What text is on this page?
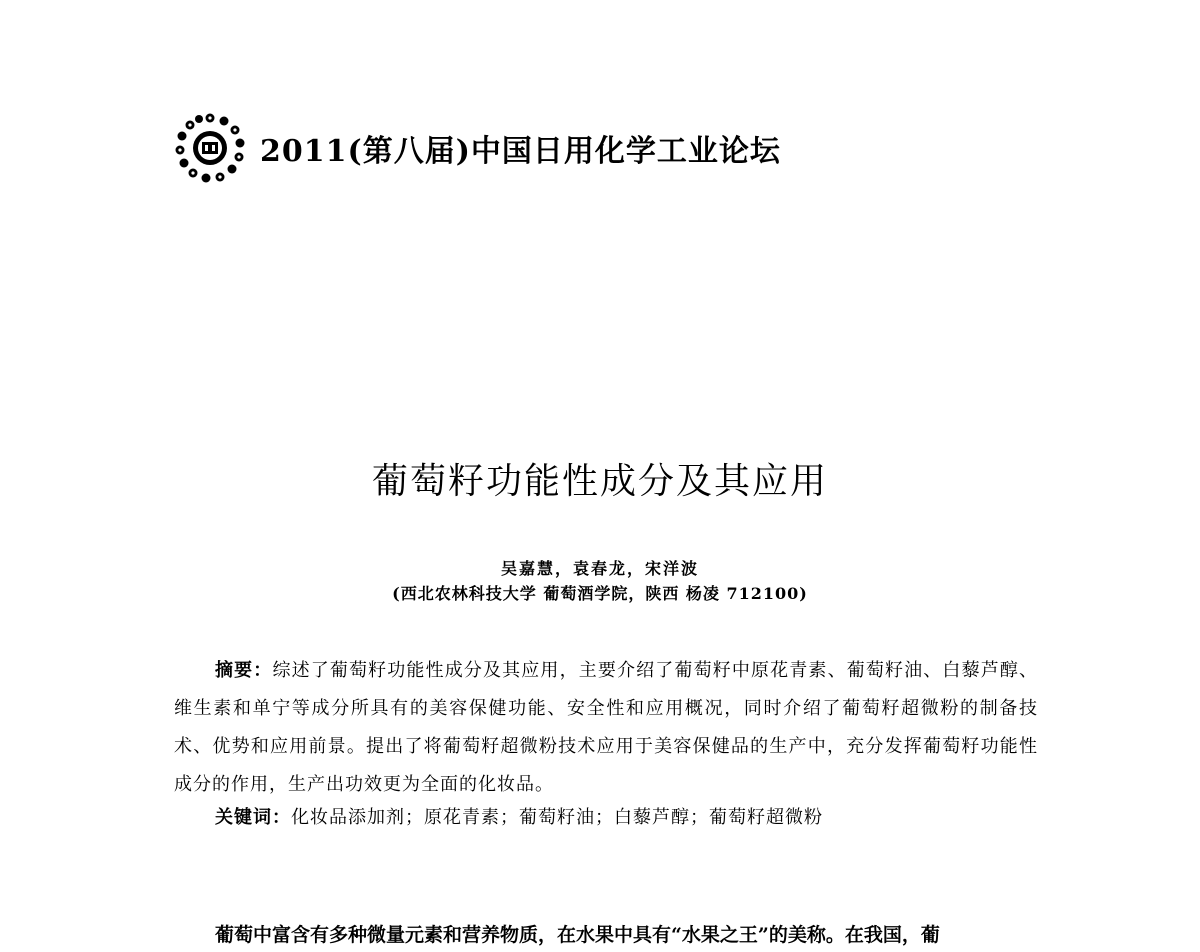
2011(第八届)中国日用化学工业论坛
葡萄籽功能性成分及其应用
吴嘉慧，袁春龙，宋洋波
(西北农林科技大学 葡萄酒学院，陕西 杨凌 712100)
摘要：综述了葡萄籽功能性成分及其应用，主要介绍了葡萄籽中原花青素、葡萄籽油、白藜芦醇、维生素和单宁等成分所具有的美容保健功能、安全性和应用概况，同时介绍了葡萄籽超微粉的制备技术、优势和应用前景。提出了将葡萄籽超微粉技术应用于美容保健品的生产中，充分发挥葡萄籽功能性成分的作用，生产出功效更为全面的化妆品。
关键词：化妆品添加剂；原花青素；葡萄籽油；白藜芦醇；葡萄籽超微粉
葡萄中富含有多种微量元素和营养物质，在水果中具有“水果之王”的美称。在我国，葡
